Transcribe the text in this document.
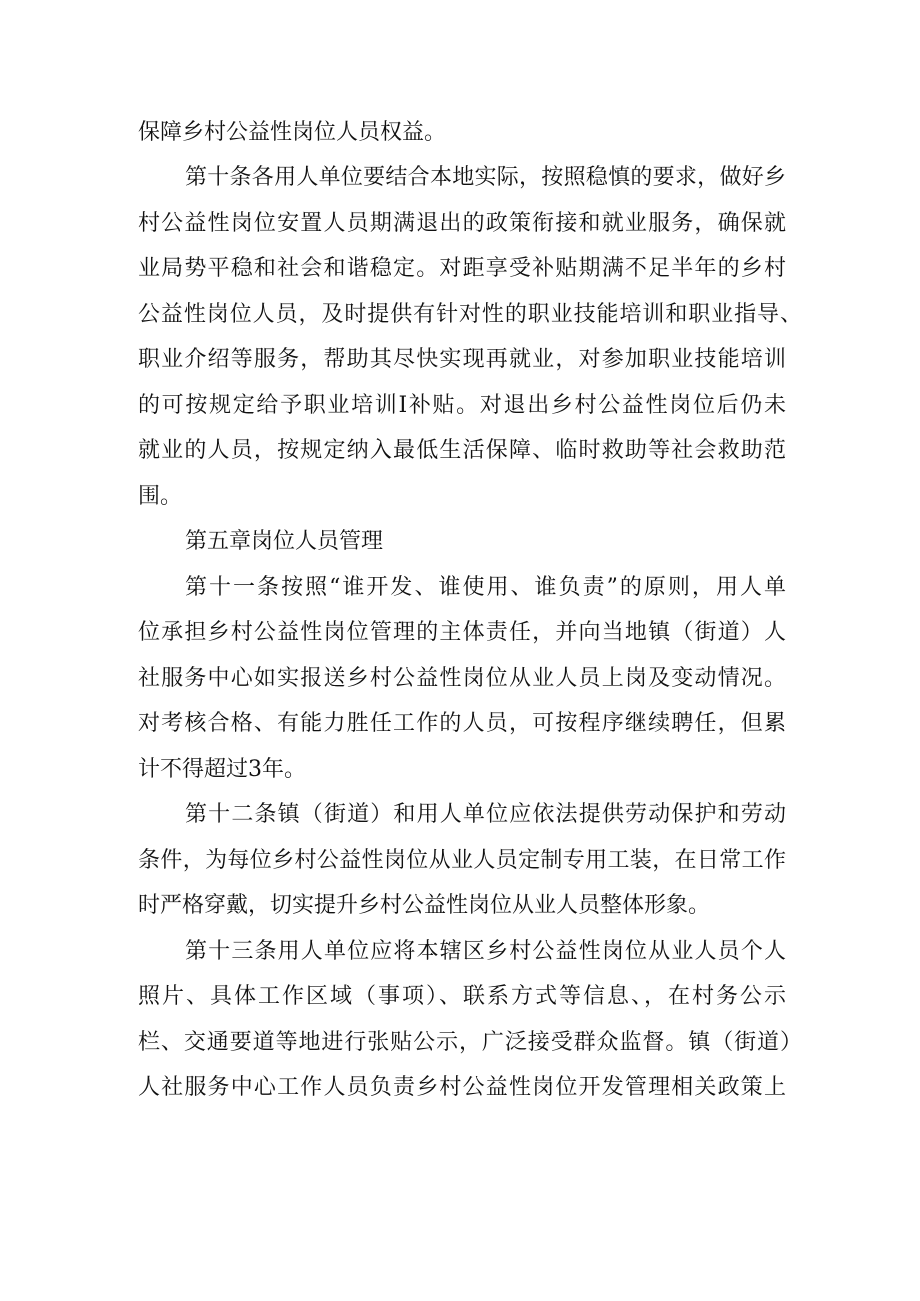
保障乡村公益性岗位人员权益。
第十条各用人单位要结合本地实际，按照稳慎的要求，做好乡
村公益性岗位安置人员期满退出的政策衔接和就业服务，确保就
业局势平稳和社会和谐稳定。对距享受补贴期满不足半年的乡村
公益性岗位人员，及时提供有针对性的职业技能培训和职业指导、
职业介绍等服务，帮助其尽快实现再就业，对参加职业技能培训
的可按规定给予职业培训I补贴。对退出乡村公益性岗位后仍未
就业的人员，按规定纳入最低生活保障、临时救助等社会救助范
围。
第五章岗位人员管理
第十一条按照“谁开发、谁使用、谁负责”的原则，用人单
位承担乡村公益性岗位管理的主体责任，并向当地镇（街道）人
社服务中心如实报送乡村公益性岗位从业人员上岗及变动情况。
对考核合格、有能力胜任工作的人员，可按程序继续聘任，但累
计不得超过3年。
第十二条镇（街道）和用人单位应依法提供劳动保护和劳动
条件，为每位乡村公益性岗位从业人员定制专用工装，在日常工作
时严格穿戴，切实提升乡村公益性岗位从业人员整体形象。
第十三条用人单位应将本辖区乡村公益性岗位从业人员个人
照片、具体工作区域（事项）、联系方式等信息、，在村务公示
栏、交通要道等地进行张贴公示，广泛接受群众监督。镇（街道）
人社服务中心工作人员负责乡村公益性岗位开发管理相关政策上
